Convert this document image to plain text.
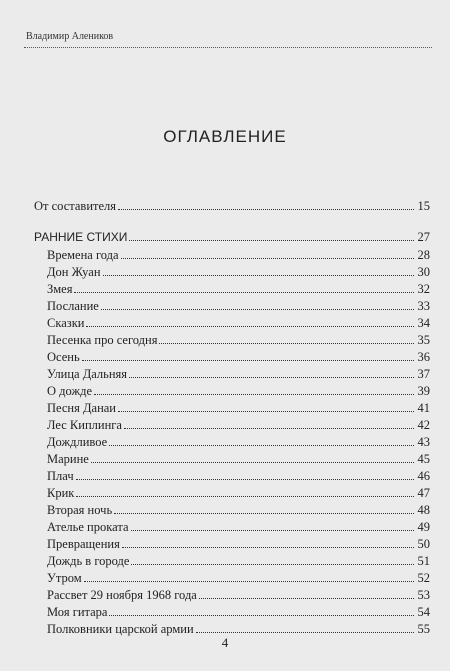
Владимир Алеников
ОГЛАВЛЕНИЕ
От составителя	15
РАННИЕ СТИХИ	27
Времена года	28
Дон Жуан	30
Змея	32
Послание	33
Сказки	34
Песенка про сегодня	35
Осень	36
Улица Дальняя	37
О дожде	39
Песня Данаи	41
Лес Киплинга	42
Дождливое	43
Марине	45
Плач	46
Крик	47
Вторая ночь	48
Ателье проката	49
Превращения	50
Дождь в городе	51
Утром	52
Рассвет 29 ноября 1968 года	53
Моя гитара	54
Полковники царской армии	55
4
